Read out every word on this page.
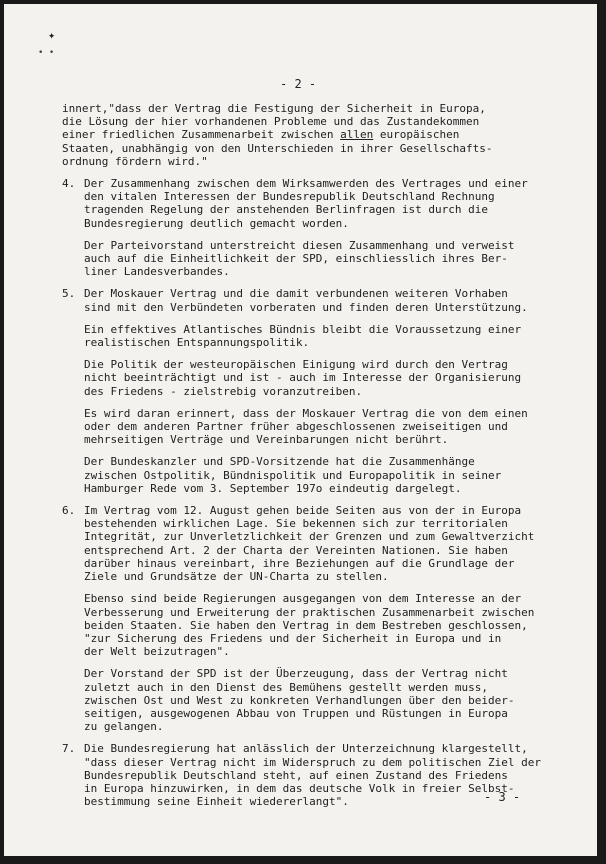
✦
• •
- 2 -
innert,"dass der Vertrag die Festigung der Sicherheit in Europa,
die Lösung der hier vorhandenen Probleme und das Zustandekommen
einer friedlichen Zusammenarbeit zwischen allen europäischen
Staaten, unabhängig von den Unterschieden in ihrer Gesellschafts-
ordnung fördern wird."
4. Der Zusammenhang zwischen dem Wirksamwerden des Vertrages und einer
den vitalen Interessen der Bundesrepublik Deutschland Rechnung
tragenden Regelung der anstehenden Berlinfragen ist durch die
Bundesregierung deutlich gemacht worden.
Der Parteivorstand unterstreicht diesen Zusammenhang und verweist
auch auf die Einheitlichkeit der SPD, einschliesslich ihres Ber-
liner Landesverbandes.
5. Der Moskauer Vertrag und die damit verbundenen weiteren Vorhaben
sind mit den Verbündeten vorberaten und finden deren Unterstützung.
Ein effektives Atlantisches Bündnis bleibt die Voraussetzung einer
realistischen Entspannungspolitik.
Die Politik der westeuropäischen Einigung wird durch den Vertrag
nicht beeinträchtigt und ist - auch im Interesse der Organisierung
des Friedens - zielstrebig voranzutreiben.
Es wird daran erinnert, dass der Moskauer Vertrag die von dem einen
oder dem anderen Partner früher abgeschlossenen zweiseitigen und
mehrseitigen Verträge und Vereinbarungen nicht berührt.
Der Bundeskanzler und SPD-Vorsitzende hat die Zusammenhänge
zwischen Ostpolitik, Bündnispolitik und Europapolitik in seiner
Hamburger Rede vom 3. September 197o eindeutig dargelegt.
6. Im Vertrag vom 12. August gehen beide Seiten aus von der in Europa
bestehenden wirklichen Lage. Sie bekennen sich zur territorialen
Integrität, zur Unverletzlichkeit der Grenzen und zum Gewaltverzicht
entsprechend Art. 2 der Charta der Vereinten Nationen. Sie haben
darüber hinaus vereinbart, ihre Beziehungen auf die Grundlage der
Ziele und Grundsätze der UN-Charta zu stellen.
Ebenso sind beide Regierungen ausgegangen von dem Interesse an der
Verbesserung und Erweiterung der praktischen Zusammenarbeit zwischen
beiden Staaten. Sie haben den Vertrag in dem Bestreben geschlossen,
"zur Sicherung des Friedens und der Sicherheit in Europa und in
der Welt beizutragen".
Der Vorstand der SPD ist der Überzeugung, dass der Vertrag nicht
zuletzt auch in den Dienst des Bemühens gestellt werden muss,
zwischen Ost und West zu konkreten Verhandlungen über den beider-
seitigen, ausgewogenen Abbau von Truppen und Rüstungen in Europa
zu gelangen.
7. Die Bundesregierung hat anlässlich der Unterzeichnung klargestellt,
"dass dieser Vertrag nicht im Widerspruch zu dem politischen Ziel der
Bundesrepublik Deutschland steht, auf einen Zustand des Friedens
in Europa hinzuwirken, in dem das deutsche Volk in freier Selbst-
bestimmung seine Einheit wiedererlangt".	- 3 -
